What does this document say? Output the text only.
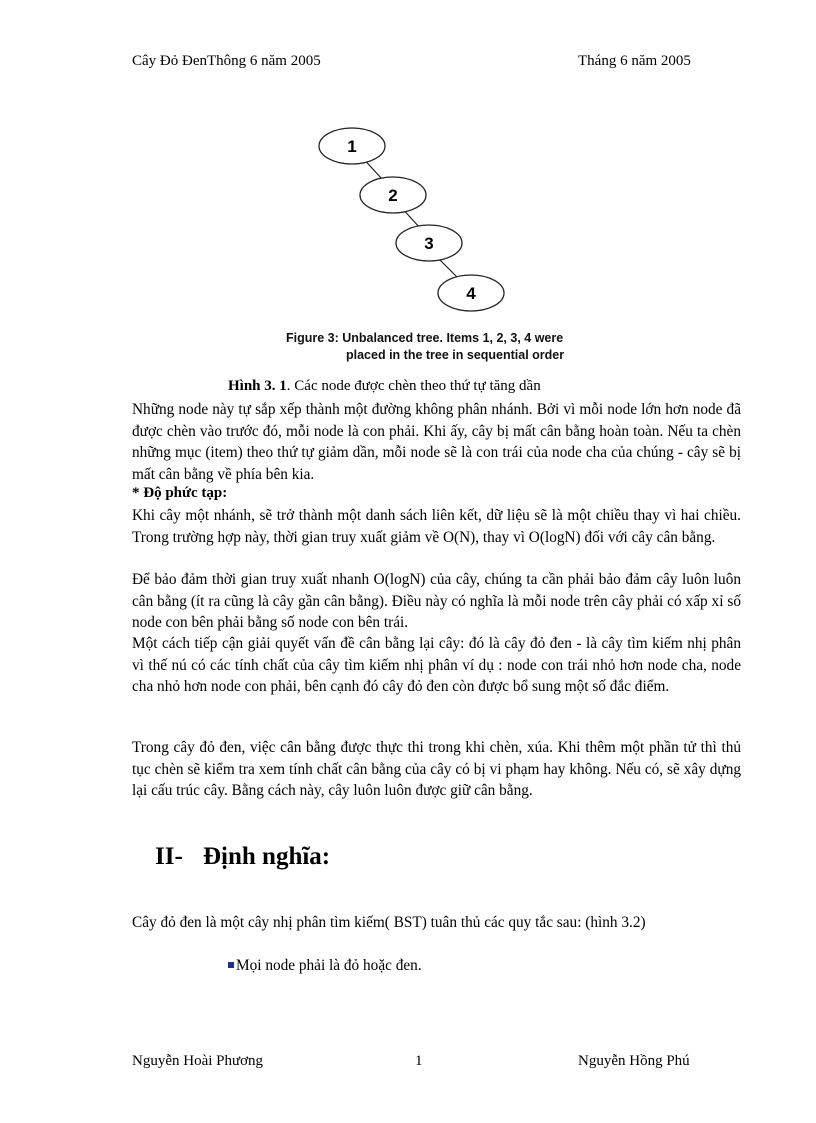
Cây Đỏ ĐenThông 6 năm 2005	Tháng 6 năm 2005
1
2
3
4
Figure 3: Unbalanced tree. Items 1, 2, 3, 4 were
placed in the tree in sequential order
Hình 3. 1. Các node được chèn theo thứ tự tăng dần

Những node này tự sắp xếp thành một đường không phân nhánh. Bởi vì mỗi node lớn hơn node đã được chèn vào trước đó, mỗi node là con phải. Khi ấy, cây bị mất cân bằng hoàn toàn. Nếu ta chèn những mục (item) theo thứ tự giảm dần, mỗi node sẽ là con trái của node cha của chúng - cây sẽ bị mất cân bằng về phía bên kia.

* Độ phức tạp:

Khi cây một nhánh, sẽ trở thành một danh sách liên kết, dữ liệu sẽ là một chiều thay vì hai chiều. Trong trường hợp này, thời gian truy xuất giảm về O(N), thay vì O(logN) đối với cây cân bằng.

Để bảo đảm thời gian truy xuất nhanh O(logN) của cây, chúng ta cần phải bảo đảm cây luôn luôn cân bằng (ít ra cũng là cây gần cân bằng). Điều này có nghĩa là mỗi node trên cây phải có xấp xỉ số node con bên phải bằng số node con bên trái.

Một cách tiếp cận giải quyết vấn đề cân bằng lại cây: đó là cây đỏ đen - là cây tìm kiếm nhị phân vì thế nú có các tính chất của cây tìm kiếm nhị phân ví dụ : node con trái nhỏ hơn node cha, node cha nhỏ hơn node con phải, bên cạnh đó cây đỏ đen còn được bổ sung một số đắc điểm.

Trong cây đỏ đen, việc cân bằng được thực thi trong khi chèn, xúa. Khi thêm một phần tử thì thủ tục chèn sẽ kiểm tra xem tính chất cân bằng của cây có bị vi phạm hay không. Nếu có, sẽ xây dựng lại cấu trúc cây. Bằng cách này, cây luôn luôn được giữ cân bằng.

II- Định nghĩa:
Cây đỏ đen là một cây nhị phân tìm kiếm( BST) tuân thủ các quy tắc sau: (hình 3.2)
Mọi node phải là đỏ hoặc đen.
Nguyễn Hoài Phương	1	Nguyễn Hồng Phú
